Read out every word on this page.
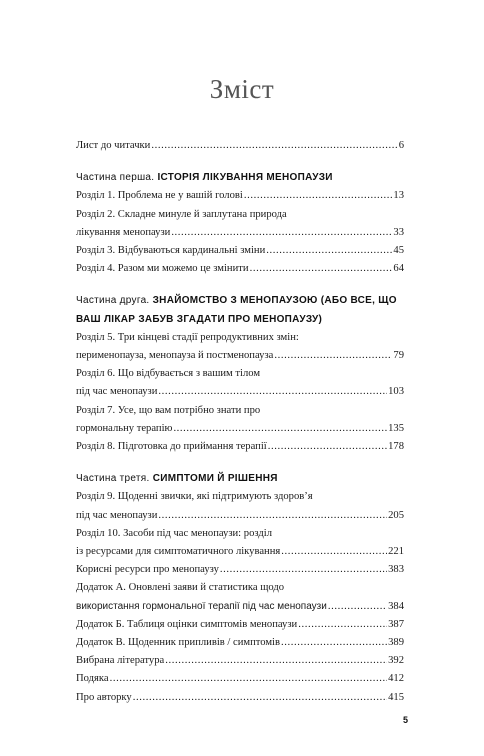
Зміст
Лист до читачки .....	6
Частина перша. ІСТОРІЯ ЛІКУВАННЯ МЕНОПАУЗИ
Розділ 1. Проблема не у вашій голові .....	13
Розділ 2. Складне минуле й заплутана природа
лікування менопаузи .....	33
Розділ 3. Відбуваються кардинальні зміни .....	45
Розділ 4. Разом ми можемо це змінити .....	64
Частина друга. ЗНАЙОМСТВО З МЕНОПАУЗОЮ (АБО ВСЕ, ЩО ВАШ ЛІКАР ЗАБУВ ЗГАДАТИ ПРО МЕНОПАУЗУ)
Розділ 5. Три кінцеві стадії репродуктивних змін:
перименопауза, менопауза й постменопауза .....	79
Розділ 6. Що відбувається з вашим тілом
під час менопаузи .....	103
Розділ 7. Усе, що вам потрібно знати про
гормональну терапію .....	135
Розділ 8. Підготовка до приймання терапії .....	178
Частина третя. СИМПТОМИ Й РІШЕННЯ
Розділ 9. Щоденні звички, які підтримують здоров’я
під час менопаузи .....	205
Розділ 10. Засоби під час менопаузи: розділ
із ресурсами для симптоматичного лікування .....	221
Корисні ресурси про менопаузу .....	383
Додаток А. Оновлені заяви й статистика щодо
використання гормональної терапії під час менопаузи .....	384
Додаток Б. Таблиця оцінки симптомів менопаузи .....	387
Додаток В. Щоденник припливів / симптомів .....	389
Вибрана література .....	392
Подяка .....	412
Про авторку .....	415
5
